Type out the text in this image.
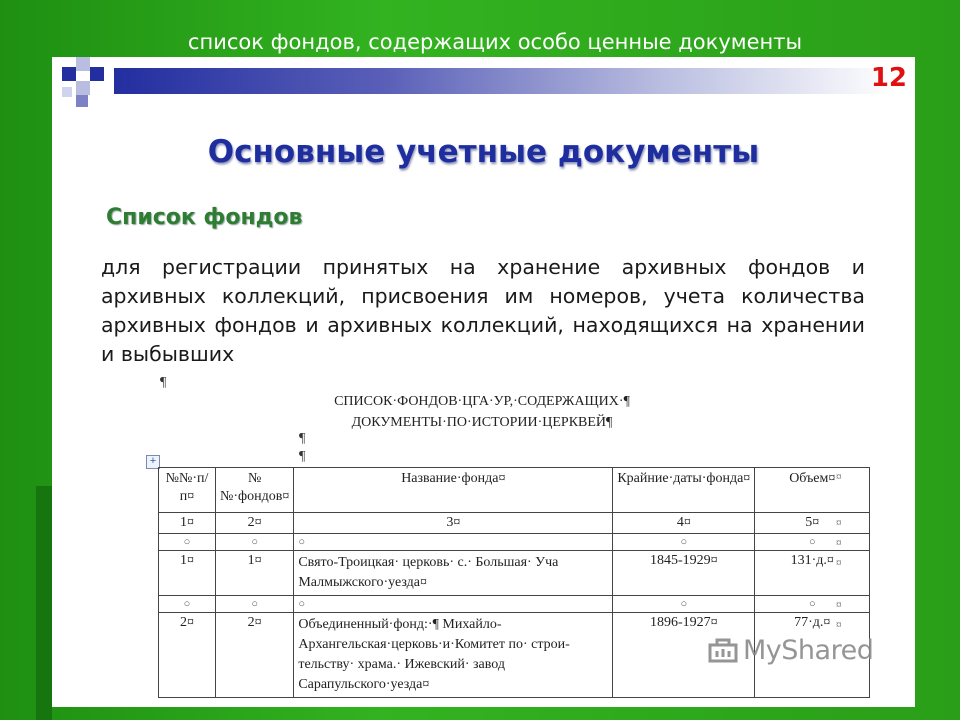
список фондов, содержащих особо ценные документы
12
Основные учетные документы
Список фондов
для регистрации принятых на хранение архивных фондов и архивных коллекций, присвоения им номеров, учета количества архивных фондов и архивных коллекций, находящихся на хранении и выбывших
¶
СПИСОК·ФОНДОВ·ЦГА·УР,·СОДЕРЖАЩИХ·¶
ДОКУМЕНТЫ·ПО·ИСТОРИИ·ЦЕРКВЕЙ¶
¶
¶
+
№№·п/п¤	№№·фондов¤	Название·фонда¤	Крайние·даты·фонда¤	Объем¤
1¤	2¤	3¤	4¤	5¤
○	○	○	○	○
1¤	1¤	Свято-Троицкая· церковь· с.· Большая· Уча Малмыжского·уезда¤	1845-1929¤	131·д.¤
○	○	○	○	○
2¤	2¤	Объединенный·фонд:·¶ Михайло-Архангельская·церковь·и·Комитет по· строи-тельству· храма.· Ижевский· завод Сарапульского·уезда¤	1896-1927¤	77·д.¤
¤
¤
¤
¤
¤
¤
MyShared
